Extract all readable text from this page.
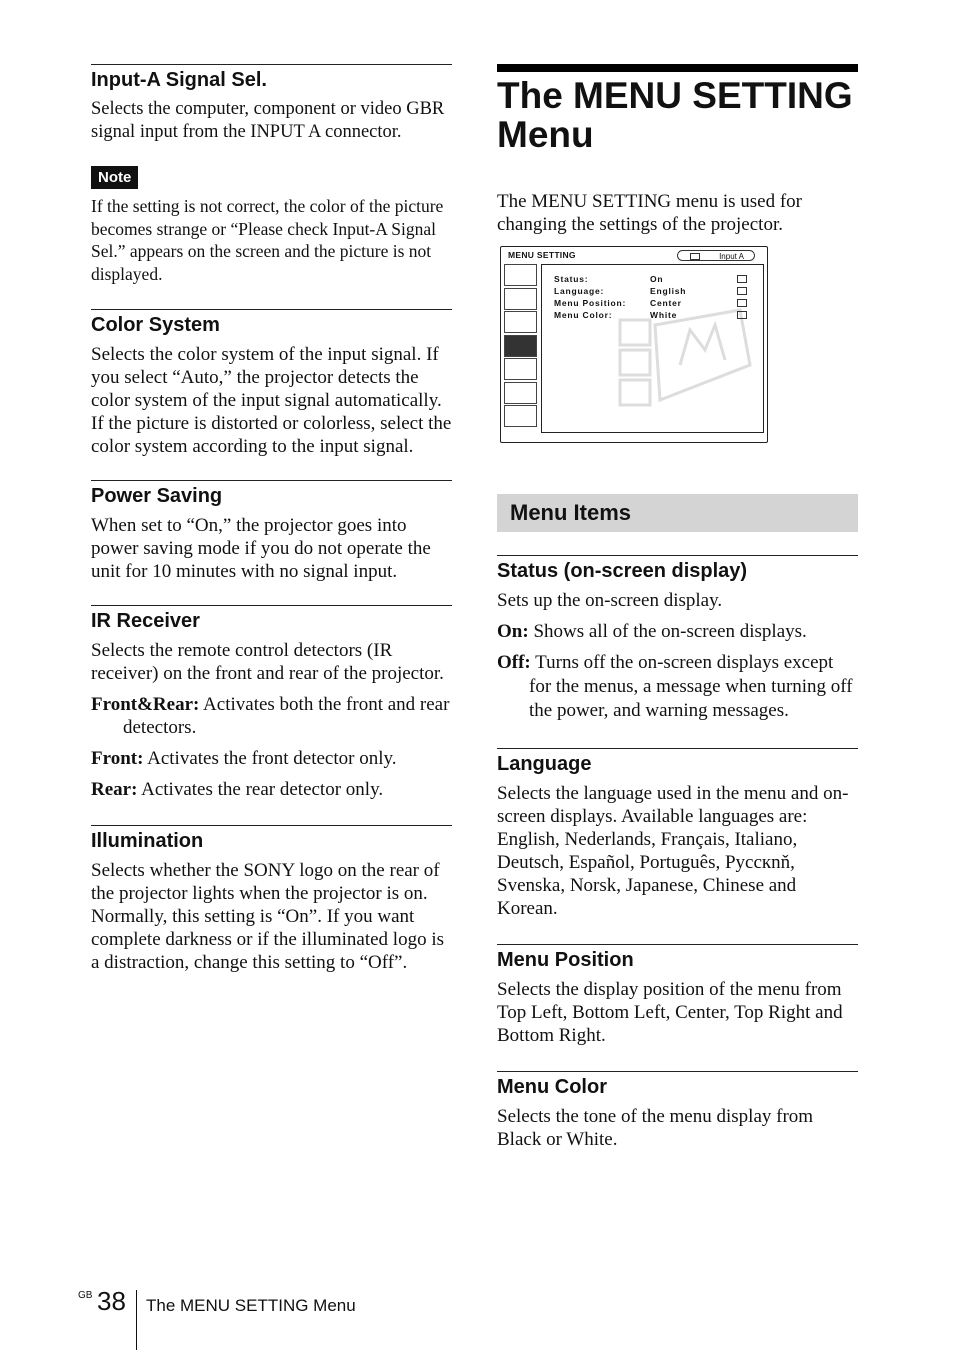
Input-A Signal Sel.

Selects the computer, component or video GBR signal input from the INPUT A connector.

Note

If the setting is not correct, the color of the picture becomes strange or “Please check Input-A Signal Sel.” appears on the screen and the picture is not displayed.

Color System

Selects the color system of the input signal. If you select “Auto,” the projector detects the color system of the input signal automatically. If the picture is distorted or colorless, select the color system according to the input signal.

Power Saving

When set to “On,” the projector goes into power saving mode if you do not operate the unit for 10 minutes with no signal input.

IR Receiver

Selects the remote control detectors (IR receiver) on the front and rear of the projector.

Front&Rear: Activates both the front and rear detectors.

Front: Activates the front detector only.

Rear: Activates the rear detector only.

Illumination

Selects whether the SONY logo on the rear of the projector lights when the projector is on. Normally, this setting is “On”. If you want complete darkness or if the illuminated logo is a distraction, change this setting to “Off”.

The MENU SETTING Menu

The MENU SETTING menu is used for changing the settings of the projector.

Menu Items
Status (on-screen display)

Sets up the on-screen display.

On: Shows all of the on-screen displays.

Off: Turns off the on-screen displays except for the menus, a message when turning off the power, and warning messages.

Language

Selects the language used in the menu and on-screen displays. Available languages are: English, Nederlands, Français, Italiano, Deutsch, Español, Português, Pyccкnň, Svenska, Norsk, Japanese, Chinese and Korean.

Menu Position

Selects the display position of the menu from Top Left, Bottom Left, Center, Top Right and Bottom Right.

Menu Color

Selects the tone of the menu display from Black or White.

MENU SETTING	Input A
Status:	On
Language:	English
Menu Position:	Center
Menu Color:	White
GB 38 The MENU SETTING Menu
